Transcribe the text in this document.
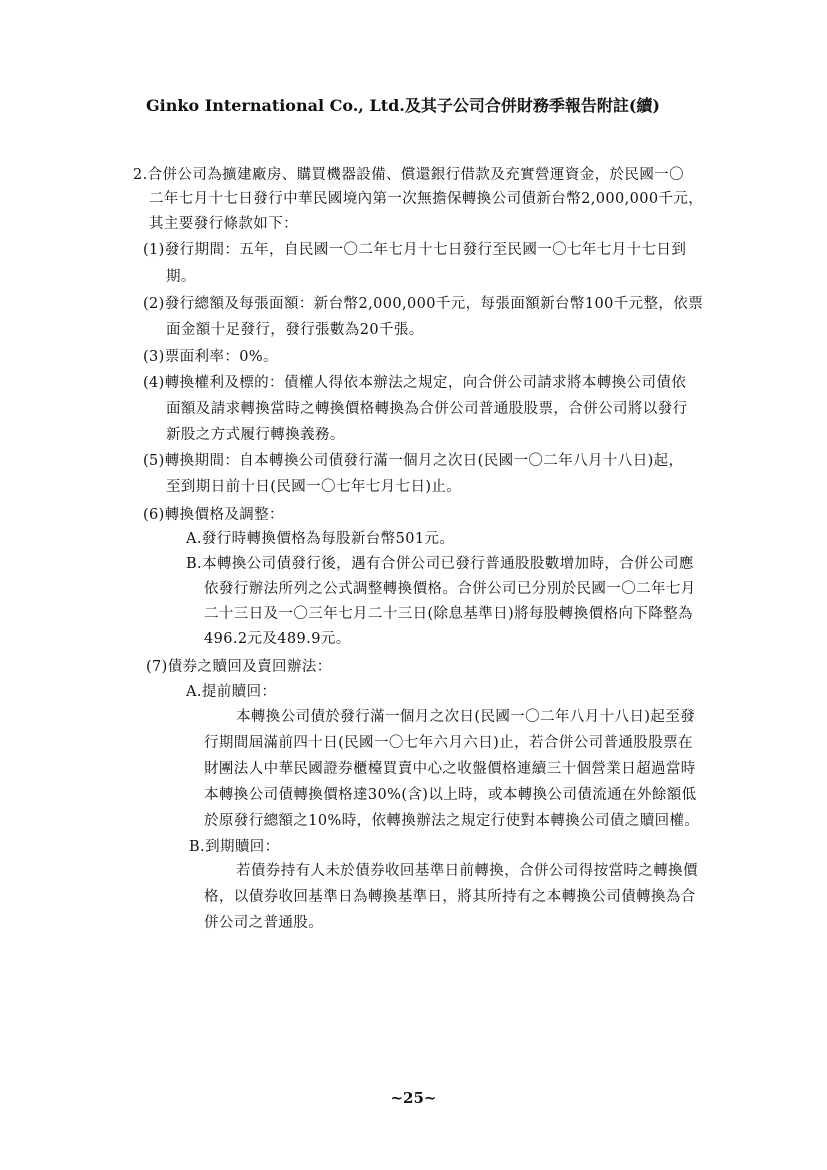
Ginko International Co., Ltd.及其子公司合併財務季報告附註(續)
2.合併公司為擴建廠房、購買機器設備、償還銀行借款及充實營運資金，於民國一〇
二年七月十七日發行中華民國境內第一次無擔保轉換公司債新台幣2,000,000千元，
其主要發行條款如下：
(1)發行期間：五年，自民國一〇二年七月十七日發行至民國一〇七年七月十七日到
期。
(2)發行總額及每張面額：新台幣2,000,000千元，每張面額新台幣100千元整，依票
面金額十足發行，發行張數為20千張。
(3)票面利率：0%。
(4)轉換權利及標的：債權人得依本辦法之規定，向合併公司請求將本轉換公司債依
面額及請求轉換當時之轉換價格轉換為合併公司普通股股票，合併公司將以發行
新股之方式履行轉換義務。
(5)轉換期間：自本轉換公司債發行滿一個月之次日(民國一〇二年八月十八日)起，
至到期日前十日(民國一〇七年七月七日)止。
(6)轉換價格及調整：
A.發行時轉換價格為每股新台幣501元。
B.本轉換公司債發行後，遇有合併公司已發行普通股股數增加時，合併公司應
依發行辦法所列之公式調整轉換價格。合併公司已分別於民國一〇二年七月
二十三日及一〇三年七月二十三日(除息基準日)將每股轉換價格向下降整為
496.2元及489.9元。
(7)債券之贖回及賣回辦法：
A.提前贖回：
本轉換公司債於發行滿一個月之次日(民國一〇二年八月十八日)起至發
行期間屆滿前四十日(民國一〇七年六月六日)止，若合併公司普通股股票在
財團法人中華民國證券櫃檯買賣中心之收盤價格連續三十個營業日超過當時
本轉換公司債轉換價格達30%(含)以上時，或本轉換公司債流通在外餘額低
於原發行總額之10%時，依轉換辦法之規定行使對本轉換公司債之贖回權。
B.到期贖回：
若債券持有人未於債券收回基準日前轉換，合併公司得按當時之轉換價
格，以債券收回基準日為轉換基準日，將其所持有之本轉換公司債轉換為合
併公司之普通股。
~25~
